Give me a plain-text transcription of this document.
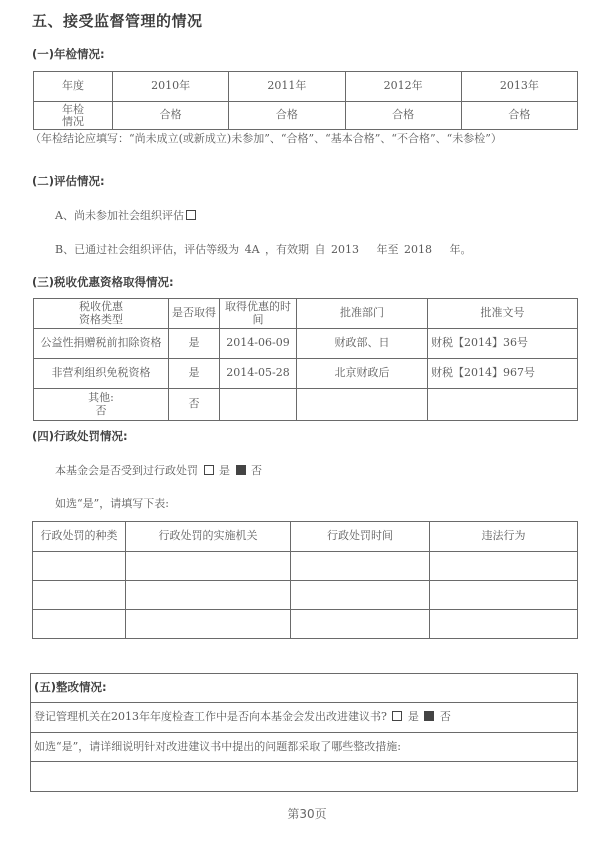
五、接受监督管理的情况
(一)年检情况:
年度	2010年	2011年	2012年	2013年
年检
情况	合格	合格	合格	合格
（年检结论应填写：“尚未成立(或新成立)未参加”、“合格”、“基本合格”、“不合格”、“未参检”）
(二)评估情况:
A、尚未参加社会组织评估
B、已通过社会组织评估，评估等级为 4A ，有效期 自 2013 年至 2018 年。
(三)税收优惠资格取得情况:
税收优惠
资格类型	是否取得	取得优惠的时
间	批准部门	批准文号
公益性捐赠税前扣除资格	是	2014-06-09	财政部、日	财税【2014】36号
非营利组织免税资格	是	2014-05-28	北京财政后	财税【2014】967号
其他:
否	否			
(四)行政处罚情况:
本基金会是否受到过行政处罚 是 否
如选“是”，请填写下表:
行政处罚的种类	行政处罚的实施机关	行政处罚时间	违法行为

(五)整改情况:
登记管理机关在2013年年度检查工作中是否向本基金会发出改进建议书? 是 否
如选“是”，请详细说明针对改进建议书中提出的问题都采取了哪些整改措施:

第30页
